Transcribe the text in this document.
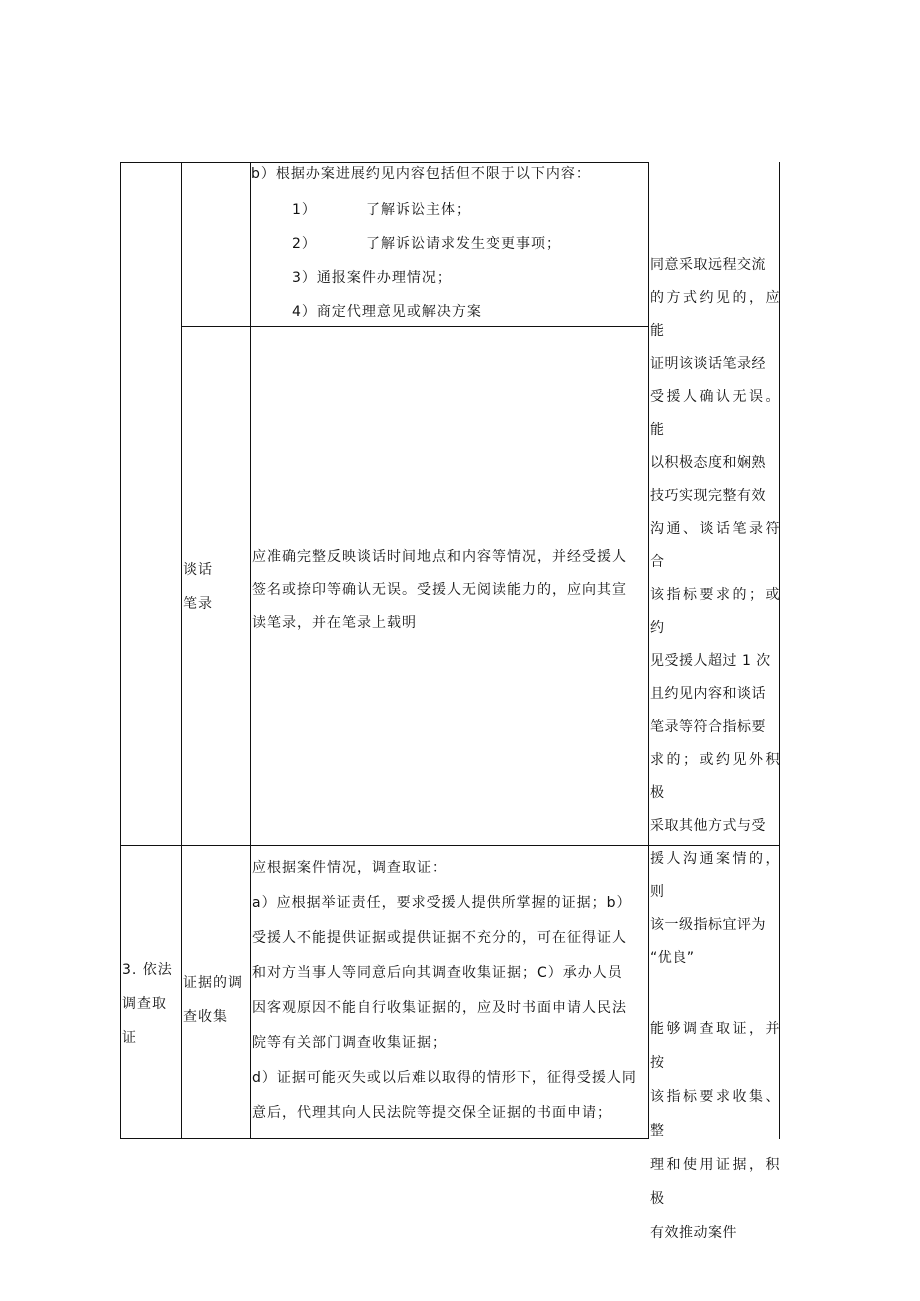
b）根据办案进展约见内容包括但不限于以下内容：
1）	了解诉讼主体；
2）	了解诉讼请求发生变更事项；
3）通报案件办理情况；
4）商定代理意见或解决方案
谈话
笔录
应准确完整反映谈话时间地点和内容等情况，并经受援人
签名或捺印等确认无误。受援人无阅读能力的，应向其宣
读笔录，并在笔录上载明
同意采取远程交流
的方式约见的，应能
证明该谈话笔录经
受援人确认无误。能
以积极态度和娴熟
技巧实现完整有效
沟通、谈话笔录符合
该指标要求的；或约
见受援人超过 1 次
且约见内容和谈话
笔录等符合指标要
求的；或约见外积极
采取其他方式与受
援人沟通案情的，则
该一级指标宜评为
“优良”
3. 依法
调查取
证
证据的调
查收集
应根据案件情况，调查取证：
a）应根据举证责任，要求受援人提供所掌握的证据；b）
受援人不能提供证据或提供证据不充分的，可在征得证人
和对方当事人等同意后向其调查收集证据；C）承办人员
因客观原因不能自行收集证据的，应及时书面申请人民法
院等有关部门调查收集证据；
d）证据可能灭失或以后难以取得的情形下，征得受援人同
意后，代理其向人民法院等提交保全证据的书面申请；
能够调查取证，并按
该指标要求收集、整
理和使用证据，积极
有效推动案件
